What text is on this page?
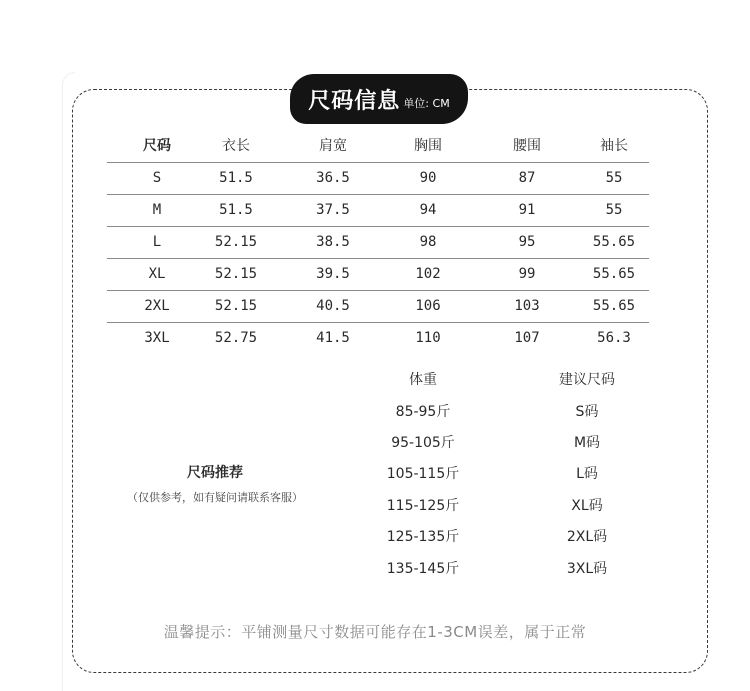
尺码信息 单位: CM
尺码	衣长	肩宽	胸围	腰围	袖长
S	51.5	36.5	90	87	55
M	51.5	37.5	94	91	55
L	52.15	38.5	98	95	55.65
XL	52.15	39.5	102	99	55.65
2XL	52.15	40.5	106	103	55.65
3XL	52.75	41.5	110	107	56.3
尺码推荐
（仅供参考，如有疑问请联系客服）
体重	建议尺码
85-95斤	S码
95-105斤	M码
105-115斤	L码
115-125斤	XL码
125-135斤	2XL码
135-145斤	3XL码
温馨提示：平铺测量尺寸数据可能存在1-3CM误差，属于正常
